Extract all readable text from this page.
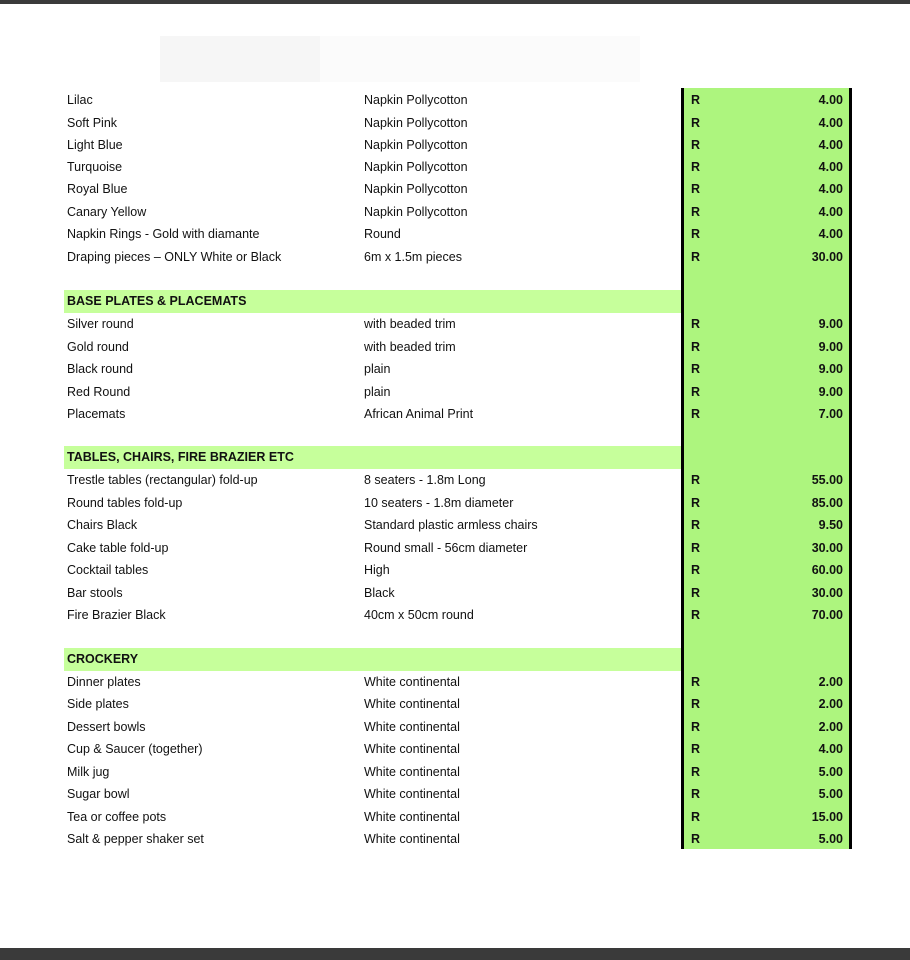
Lilac	Napkin Pollycotton	R	4.00
Soft Pink	Napkin Pollycotton	R	4.00
Light Blue	Napkin Pollycotton	R	4.00
Turquoise	Napkin Pollycotton	R	4.00
Royal Blue	Napkin Pollycotton	R	4.00
Canary Yellow	Napkin Pollycotton	R	4.00
Napkin Rings - Gold with diamante	Round	R	4.00
Draping pieces – ONLY White or Black	6m x 1.5m pieces	R	30.00
BASE PLATES & PLACEMATS
Silver round	with beaded trim	R	9.00
Gold round	with beaded trim	R	9.00
Black round	plain	R	9.00
Red Round	plain	R	9.00
Placemats	African Animal Print	R	7.00
TABLES, CHAIRS, FIRE BRAZIER ETC
Trestle tables (rectangular) fold-up	8 seaters - 1.8m Long	R	55.00
Round tables fold-up	10 seaters - 1.8m diameter	R	85.00
Chairs Black	Standard plastic armless chairs	R	9.50
Cake table fold-up	Round small - 56cm diameter	R	30.00
Cocktail tables	High	R	60.00
Bar stools	Black	R	30.00
Fire Brazier Black	40cm x 50cm round	R	70.00
CROCKERY
Dinner plates	White continental	R	2.00
Side plates	White continental	R	2.00
Dessert bowls	White continental	R	2.00
Cup & Saucer (together)	White continental	R	4.00
Milk jug	White continental	R	5.00
Sugar bowl	White continental	R	5.00
Tea or coffee pots	White continental	R	15.00
Salt & pepper shaker set	White continental	R	5.00
